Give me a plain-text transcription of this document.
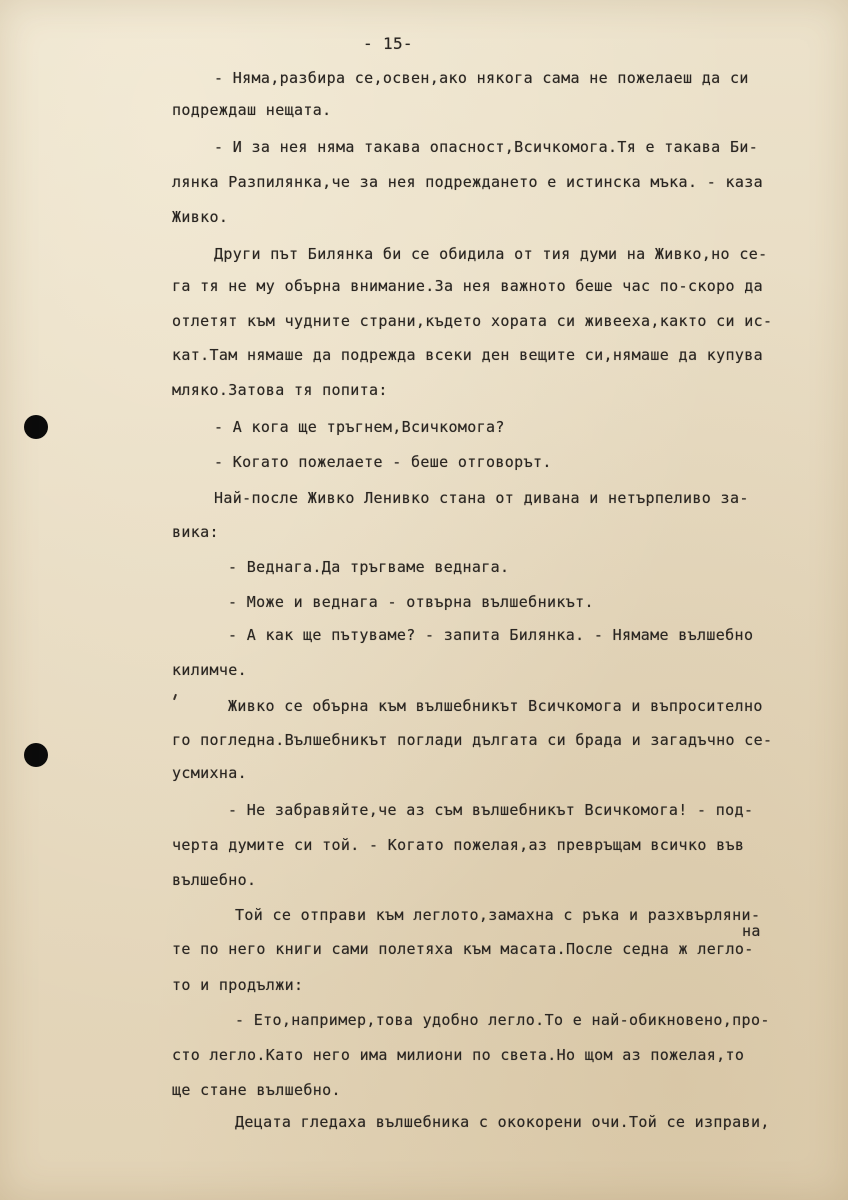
- 15-

- Няма,разбира се,освен,ако някога сама не пожелаеш да си

подреждаш нещата.

- И за нея няма такава опасност,Всичкомога.Тя е такава Би-

лянка Разпилянка,че за нея подреждането е истинска мъка. - каза

Живко.

Други път Билянка би се обидила от тия думи на Живко,но се-

га тя не му обърна внимание.За нея важното беше час по-скоро да

отлетят към чудните страни,където хората си живееха,както си ис-

кат.Там нямаше да подрежда всеки ден вещите си,нямаше да купува

мляко.Затова тя попита:

- А кога ще тръгнем,Всичкомога?

- Когато пожелаете - беше отговорът.

Най-после Живко Ленивко стана от дивана и нетърпеливо за-

вика:

- Веднага.Да тръгваме веднага.

- Може и веднага - отвърна вълшебникът.

- А как ще пътуваме? - запита Билянка. - Нямаме вълшебно

килимче.

Живко се обърна към вълшебникът Всичкомога и въпросително

го погледна.Вълшебникът поглади дългата си брада и загадъчно се-

усмихна.

- Не забравяйте,че аз съм вълшебникът Всичкомога! - под-

черта думите си той. - Когато пожелая,аз превръщам всичко във

вълшебно.

Той се отправи към леглото,замахна с ръка и разхвърляни-

на

те по него книги сами полетяха към масата.После седна ж легло-

то и продължи:

- Ето,например,това удобно легло.То е най-обикновено,про-

сто легло.Като него има милиони по света.Но щом аз пожелая,то

ще стане вълшебно.

Децата гледаха вълшебника с ококорени очи.Той се изправи,
